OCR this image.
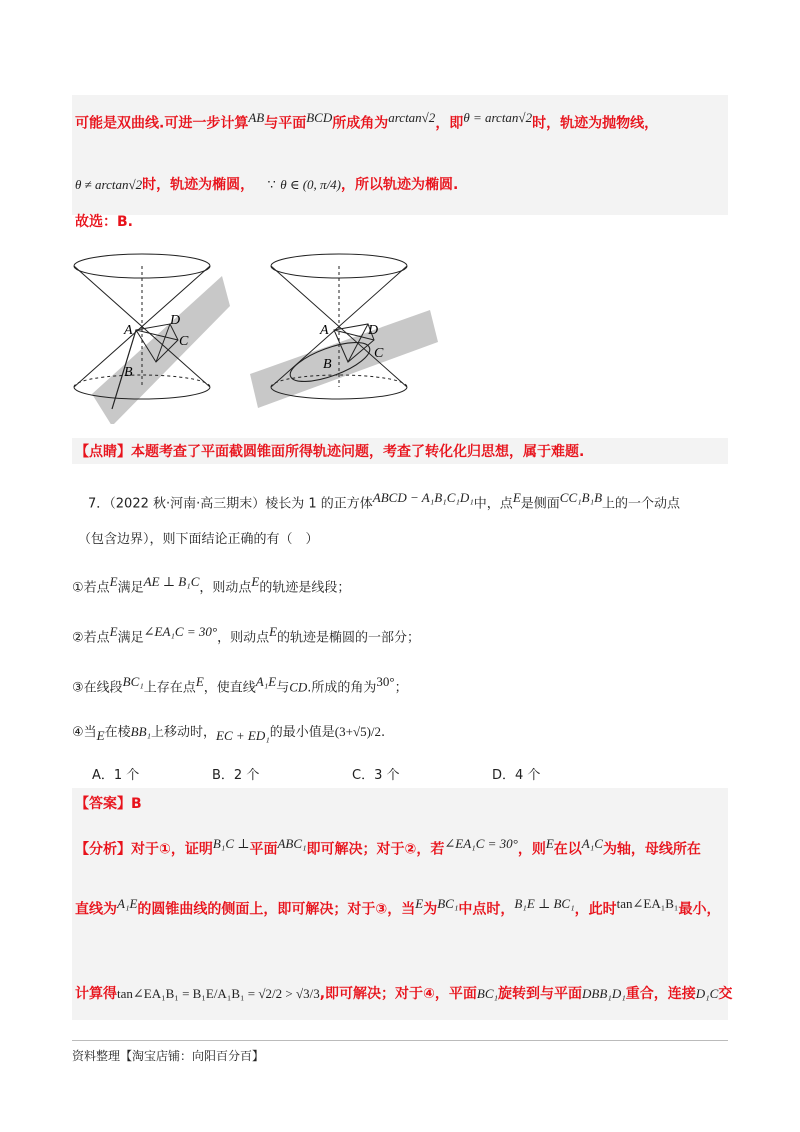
可能是双曲线.可进一步计算$^{AB}$与平面$^{BCD}$所成角为$^{arctan√2}$，即$^{\theta = arctan√2}$时，轨迹为抛物线，
θ ≠ arctan√2时，轨迹为椭圆， ∵ θ ∈ (0, π/4)，所以轨迹为椭圆.
故选：B.
A
D
C
B
A	D
C
B
【点睛】本题考查了平面截圆锥面所得轨迹问题，考查了转化化归思想，属于难题.
7．（2022 秋·河南·高三期末）棱长为 1 的正方体$^{ABCD - A_1B_1C_1D_1}$中，点$^E$是侧面$^{CC_1B_1B}$上的一个动点
（包含边界），则下面结论正确的有（　）
①若点$^E$满足$^{AE \perp B_1C}$，则动点$^E$的轨迹是线段；
②若点$^E$满足$^{\angle EA_1C = 30^\circ}$，则动点$^E$的轨迹是椭圆的一部分；
③在线段$^{BC_1}$上存在点$^E$，使直线$^{A_1E}$与CD.所成的角为$^{30^\circ}$；
④当$_E$在棱BB₁上移动时，$_{EC + ED_1}$的最小值是(3+√5)/2.
A．1 个	B．2 个	C．3 个	D．4 个
【答案】B
【分析】对于①，证明$^{B_1C \perp}$平面$^{ABC_1}$即可解决；对于②，若$^{\angle EA_1C = 30^\circ}$，则$^E$在以$^{A_1C}$为轴，母线所在
直线为$^{A_1E}$的圆锥曲线的侧面上，即可解决；对于③，当$^E$为$^{BC_1}$中点时，$^{B_1E \perp BC_1}$，此时$^{tan\angle EA_1B_1}$最小，
计算得tan∠EA₁B₁ = B₁E/A₁B₁ = √2/2 > √3/3,即可解决；对于④，平面BC₁旋转到与平面DBB₁D₁重合，连接D₁C交
资料整理【淘宝店铺：向阳百分百】
